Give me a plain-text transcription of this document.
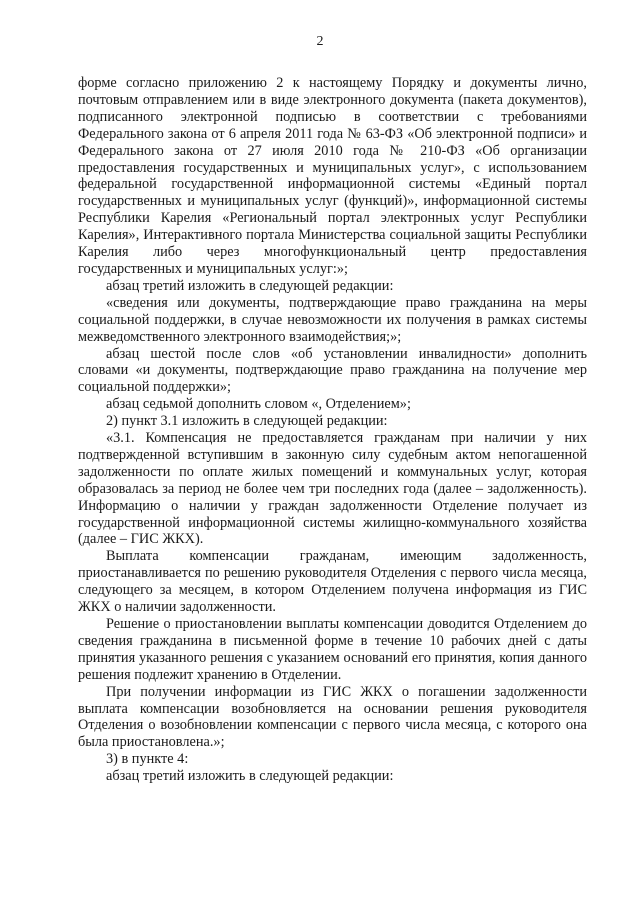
2

форме согласно приложению 2 к настоящему Порядку и документы лично, почтовым отправлением или в виде электронного документа (пакета документов), подписанного электронной подписью в соответствии с требованиями Федерального закона от 6 апреля 2011 года № 63-ФЗ «Об электронной подписи» и Федерального закона от 27 июля 2010 года № 210-ФЗ «Об организации предоставления государственных и муниципальных услуг», с использованием федеральной государственной информационной системы «Единый портал государственных и муниципальных услуг (функций)», информационной системы Республики Карелия «Региональный портал электронных услуг Республики Карелия», Интерактивного портала Министерства социальной защиты Республики Карелия либо через многофункциональный центр предоставления государственных и муниципальных услуг:»;

абзац третий изложить в следующей редакции:

«сведения или документы, подтверждающие право гражданина на меры социальной поддержки, в случае невозможности их получения в рамках системы межведомственного электронного взаимодействия;»;

абзац шестой после слов «об установлении инвалидности» дополнить словами «и документы, подтверждающие право гражданина на получение мер социальной поддержки»;

абзац седьмой дополнить словом «, Отделением»;

2) пункт 3.1 изложить в следующей редакции:

«3.1. Компенсация не предоставляется гражданам при наличии у них подтвержденной вступившим в законную силу судебным актом непогашенной задолженности по оплате жилых помещений и коммунальных услуг, которая образовалась за период не более чем три последних года (далее – задолженность). Информацию о наличии у граждан задолженности Отделение получает из государственной информационной системы жилищно-коммунального хозяйства (далее – ГИС ЖКХ).

Выплата компенсации гражданам, имеющим задолженность, приостанавливается по решению руководителя Отделения с первого числа месяца, следующего за месяцем, в котором Отделением получена информация из ГИС ЖКХ о наличии задолженности.

Решение о приостановлении выплаты компенсации доводится Отделением до сведения гражданина в письменной форме в течение 10 рабочих дней с даты принятия указанного решения с указанием оснований его принятия, копия данного решения подлежит хранению в Отделении.

При получении информации из ГИС ЖКХ о погашении задолженности выплата компенсации возобновляется на основании решения руководителя Отделения о возобновлении компенсации с первого числа месяца, с которого она была приостановлена.»;

3) в пункте 4:

абзац третий изложить в следующей редакции:
